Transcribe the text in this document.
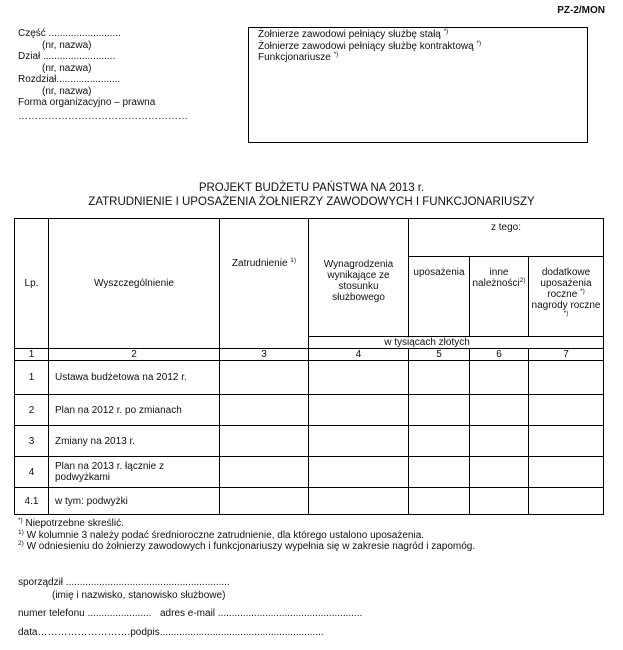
PZ-2/MON
Część ..........................
(nr, nazwa)
Dział ..........................
(nr, nazwa)
Rozdział.......................
(nr, nazwa)
Forma organizacyjno – prawna
……………………………………………
Żołnierze zawodowi pełniący służbę stałą *)
Żołnierze zawodowi pełniący służbę kontraktową *)
Funkcjonariusze *)
PROJEKT BUDŻETU PAŃSTWA NA 2013 r.
ZATRUDNIENIE I UPOSAŻENIA ŻOŁNIERZY ZAWODOWYCH I FUNKCJONARIUSZY
Lp.	Wyszczególnienie	Zatrudnienie $^{1)}$	Wynagrodzenia wynikające ze stosunku służbowego	z tego:		
				uposażenia	inne należności$^{2)}$	dodatkowe uposażenia roczne *) nagrody roczne *)
			w tysiącach złotych			
1	2	3	4	5	6	7
1	Ustawa budżetowa na 2012 r.					
2	Plan na 2012 r. po zmianach					
3	Zmiany na 2013 r.					
4	Plan na 2013 r. łącznie z podwyżkami					
4.1	w tym: podwyżki					
*) Niepotrzebne skreślić.
$^{1)}$ W kolumnie 3 należy podać średnioroczne zatrudnienie, dla którego ustalono uposażenia.
$^{2)}$ W odniesieniu do żołnierzy zawodowych i funkcjonariuszy wypełnia się w zakresie nagród i zapomóg.
sporządził ...........................................................
(imię i nazwisko, stanowisko służbowe)
numer telefonu ....................... adres e-mail ....................................................
data……………………….podpis...........................................................
